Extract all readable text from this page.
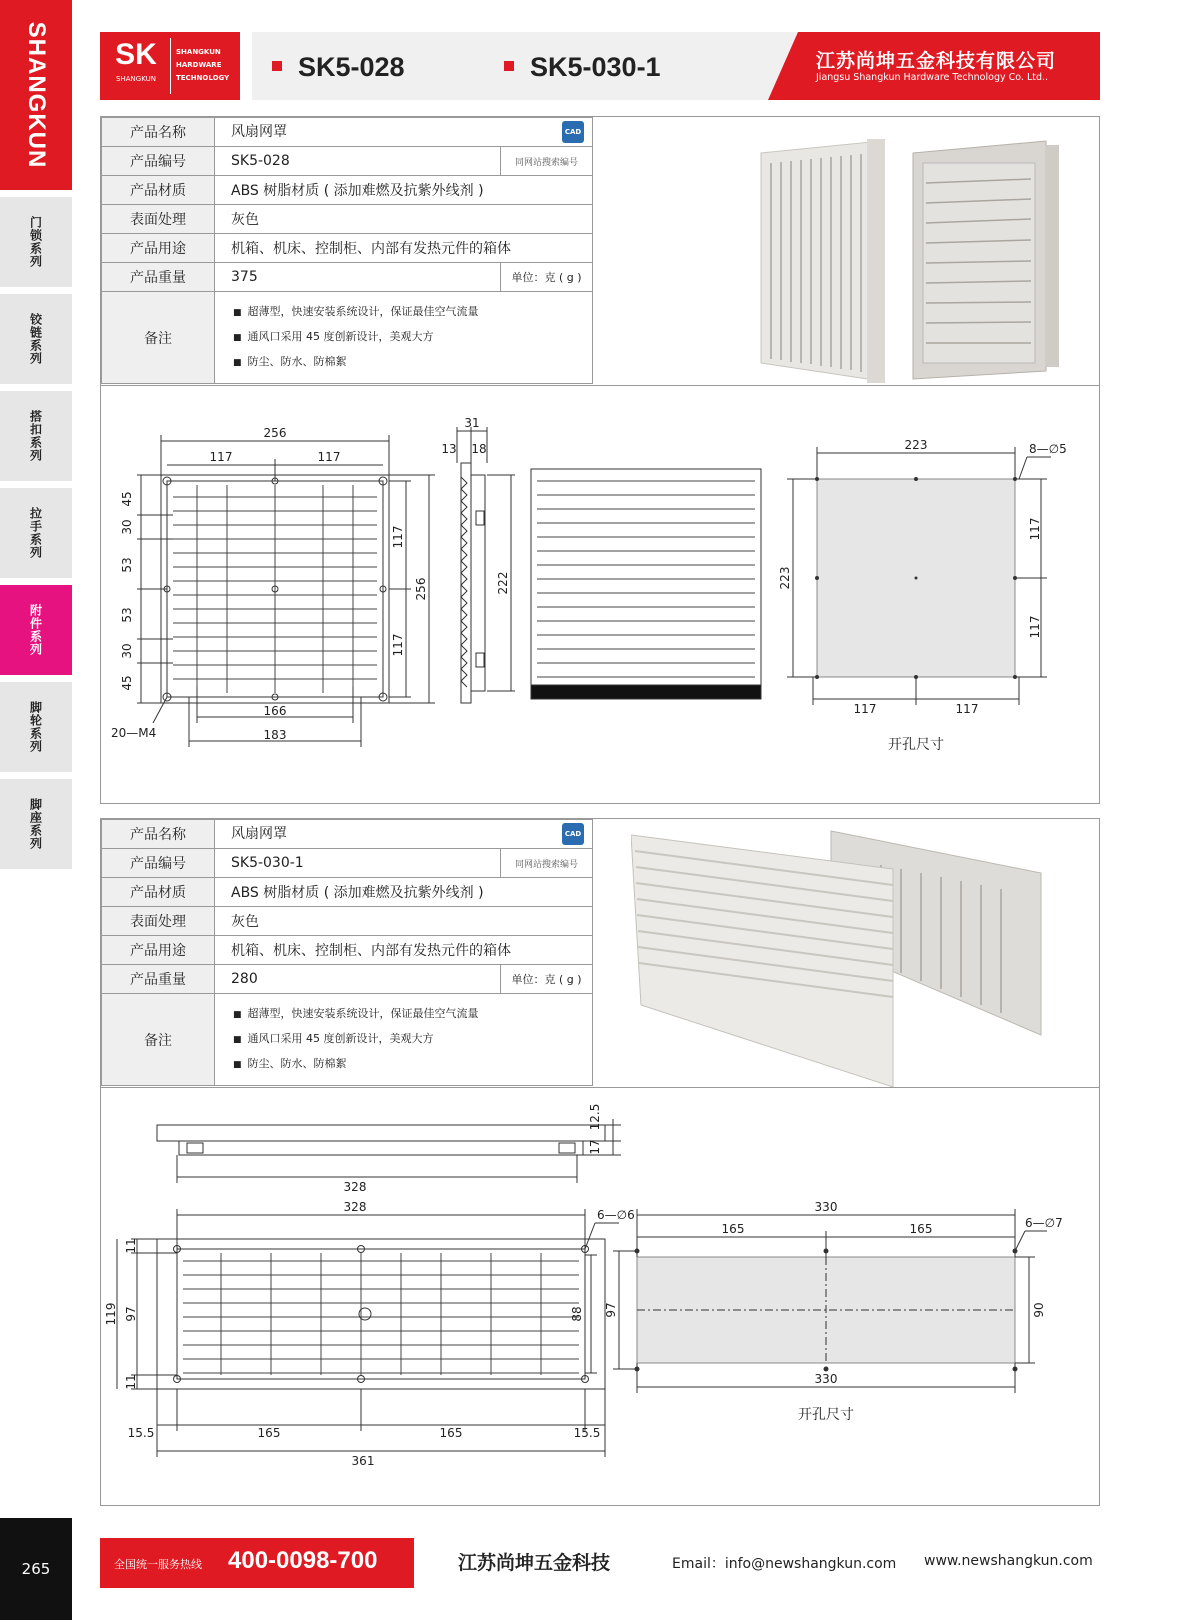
SHANGKUN
门锁系列
铰链系列
搭扣系列
拉手系列
附件系列
脚轮系列
脚座系列
265
SK
SHANGKUN
SHANGKUN
HARDWARE
TECHNOLOGY	SK5-028	SK5-030-1	江苏尚坤五金科技有限公司
Jiangsu Shangkun Hardware Technology Co. Ltd..
产品名称	风扇网罩 CAD	

产品编号	SK5-028	同网站搜索编号
产品材质	ABS 树脂材质 ( 添加难燃及抗紫外线剂 )	
表面处理	灰色	
产品用途	机箱、机床、控制柜、内部有发热元件的箱体	
产品重量	375	单位：克 ( g )
备注	■ 超薄型，快速安装系统设计，保证最佳空气流量
■ 通风口采用 45 度创新设计，美观大方
■ 防尘、防水、防棉絮
256
117	117
45
30
53
53
30
45
117
117
256
166
183
20—M4
31
13 18
222
223
223
8—∅5
117	117
117
117
开孔尺寸
产品名称	风扇网罩 CAD	

产品编号	SK5-030-1	同网站搜索编号
产品材质	ABS 树脂材质 ( 添加难燃及抗紫外线剂 )	
表面处理	灰色	
产品用途	机箱、机床、控制柜、内部有发热元件的箱体	
产品重量	280	单位：克 ( g )
备注	■ 超薄型，快速安装系统设计，保证最佳空气流量
■ 通风口采用 45 度创新设计，美观大方
■ 防尘、防水、防棉絮
12.5
17
328
328
6—∅6
11
97
11
119	88
15.5	165	165	15.5
361
330
165	165	6—∅7
97	90
330
开孔尺寸
全国统一服务热线 400-0098-700	江苏尚坤五金科技	Email：info@newshangkun.com www.newshangkun.com
